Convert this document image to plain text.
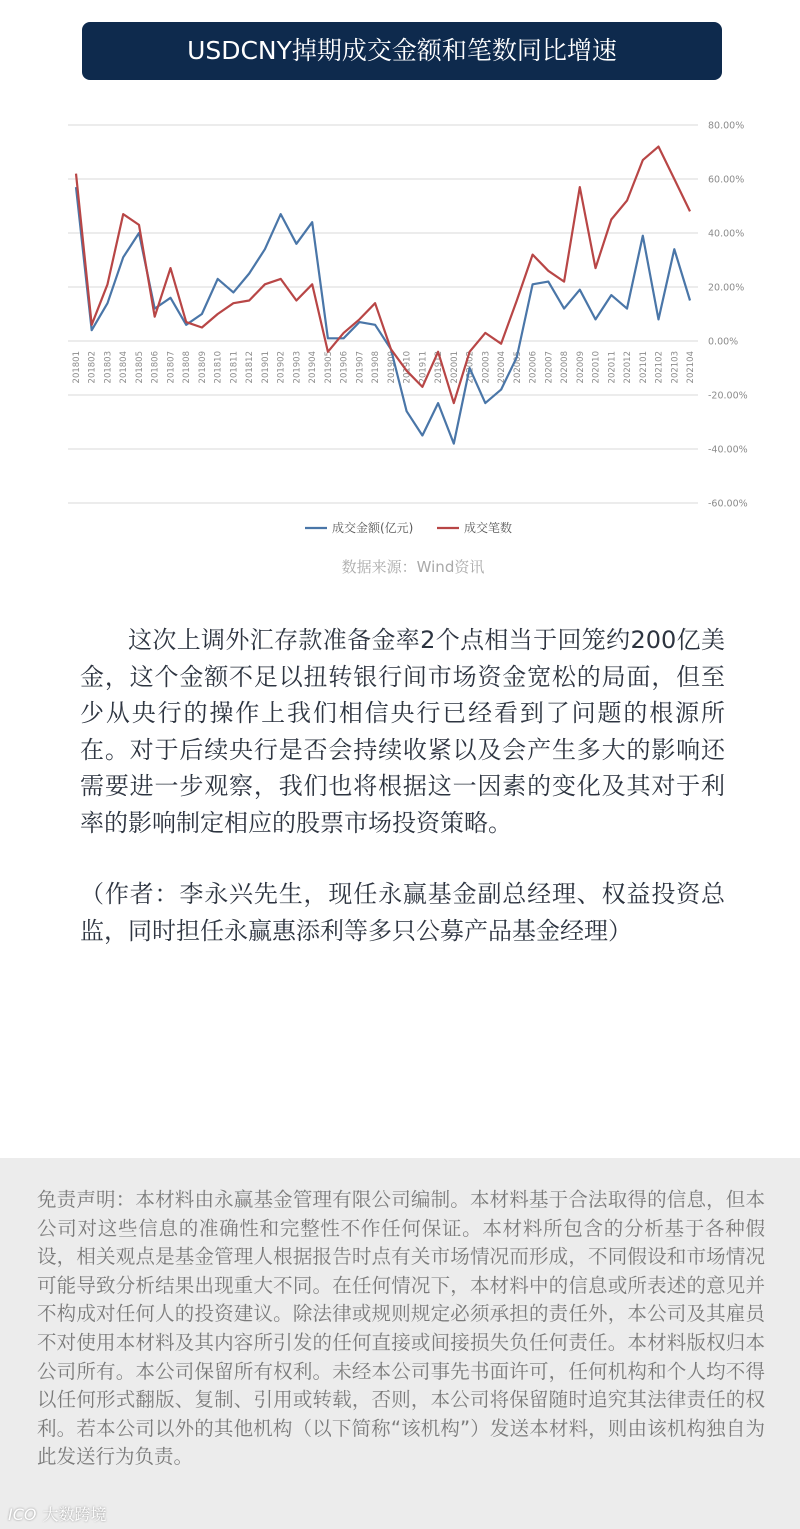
USDCNY掉期成交金额和笔数同比增速
80.00%
60.00%
40.00%
20.00%
0.00%
-20.00%
-40.00%
-60.00%
201801 201802 201803 201804 201805 201806 201807 201808 201809 201810 201811 201812 201901 201902 201903 201904 201905 201906 201907 201908 201909 201910 201911 201912 202001 202002 202003 202004 202005 202006 202007 202008 202009 202010 202011 202012 202101 202102 202103 202104
成交金额(亿元)	成交笔数
数据来源：Wind资讯

这次上调外汇存款准备金率2个点相当于回笼约200亿美金，这个金额不足以扭转银行间市场资金宽松的局面，但至少从央行的操作上我们相信央行已经看到了问题的根源所在。对于后续央行是否会持续收紧以及会产生多大的影响还需要进一步观察，我们也将根据这一因素的变化及其对于利率的影响制定相应的股票市场投资策略。

（作者：李永兴先生，现任永赢基金副总经理、权益投资总监，同时担任永赢惠添利等多只公募产品基金经理）

免责声明：本材料由永赢基金管理有限公司编制。本材料基于合法取得的信息，但本公司对这些信息的准确性和完整性不作任何保证。本材料所包含的分析基于各种假设，相关观点是基金管理人根据报告时点有关市场情况而形成，不同假设和市场情况可能导致分析结果出现重大不同。在任何情况下，本材料中的信息或所表述的意见并不构成对任何人的投资建议。除法律或规则规定必须承担的责任外，本公司及其雇员不对使用本材料及其内容所引发的任何直接或间接损失负任何责任。本材料版权归本公司所有。本公司保留所有权利。未经本公司事先书面许可，任何机构和个人均不得以任何形式翻版、复制、引用或转载，否则，本公司将保留随时追究其法律责任的权利。若本公司以外的其他机构（以下简称“该机构”）发送本材料，则由该机构独自为此发送行为负责。
ICO 大数跨境
